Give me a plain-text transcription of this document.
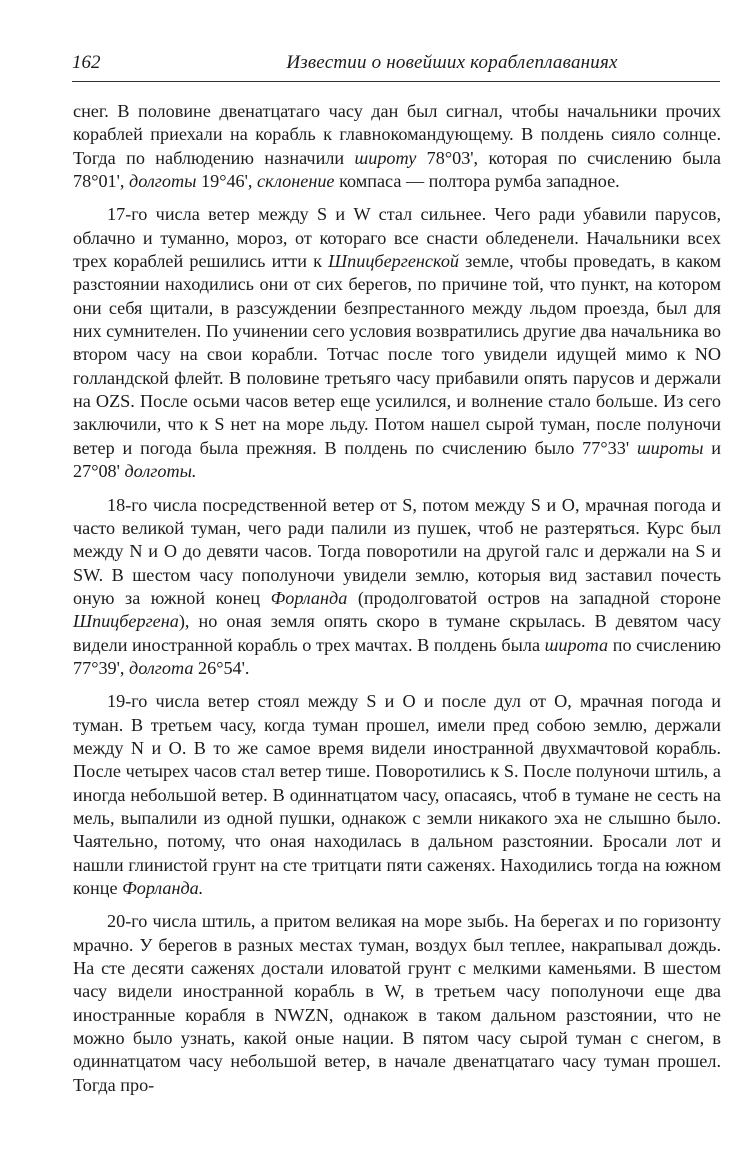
162	Известии о новейших кораблеплаваниях

снег. В половине двенатцатаго часу дан был сигнал, чтобы начальники прочих кораблей приехали на корабль к главнокомандующему. В полдень сияло солнце. Тогда по наблюдению назначили широту 78°03', которая по счислению была 78°01', долготы 19°46', склонение компаса — полтора румба западное.

17-го числа ветер между S и W стал сильнее. Чего ради убавили парусов, облачно и туманно, мороз, от котораго все снасти обледенели. Начальники всех трех кораблей решились итти к Шпицбергенской земле, чтобы проведать, в каком разстоянии находились они от сих берегов, по причине той, что пункт, на котором они себя щитали, в разсуждении безпрестанного между льдом проезда, был для них сумнителен. По учинении сего условия возвратились другие два начальника во втором часу на свои корабли. Тотчас после того увидели идущей мимо к NO голландской флейт. В половине третьяго часу прибавили опять парусов и держали на OZS. После осьми часов ветер еще усилился, и волнение стало больше. Из сего заключили, что к S нет на море льду. Потом нашел сырой туман, после полуночи ветер и погода была прежняя. В полдень по счислению было 77°33' широты и 27°08' долготы.

18-го числа посредственной ветер от S, потом между S и O, мрачная погода и часто великой туман, чего ради палили из пушек, чтоб не разтеряться. Курс был между N и O до девяти часов. Тогда поворотили на другой галс и держали на S и SW. В шестом часу пополуночи увидели землю, которыя вид заставил почесть оную за южной конец Форланда (продолговатой остров на западной стороне Шпицбергена), но оная земля опять скоро в тумане скрылась. В девятом часу видели иностранной корабль о трех мачтах. В полдень была широта по счислению 77°39', долгота 26°54'.

19-го числа ветер стоял между S и O и после дул от O, мрачная погода и туман. В третьем часу, когда туман прошел, имели пред собою землю, держали между N и O. В то же самое время видели иностранной двухмачтовой корабль. После четырех часов стал ветер тише. Поворотились к S. После полуночи штиль, а иногда небольшой ветер. В одиннатцатом часу, опасаясь, чтоб в тумане не сесть на мель, выпалили из одной пушки, однакож с земли никакого эха не слышно было. Чаятельно, потому, что оная находилась в дальном разстоянии. Бросали лот и нашли глинистой грунт на сте тритцати пяти саженях. Находились тогда на южном конце Форланда.

20-го числа штиль, а притом великая на море зыбь. На берегах и по горизонту мрачно. У берегов в разных местах туман, воздух был теплее, накрапывал дождь. На сте десяти саженях достали иловатой грунт с мелкими каменьями. В шестом часу видели иностранной корабль в W, в третьем часу пополуночи еще два иностранные корабля в NWZN, однакож в таком дальном разстоянии, что не можно было узнать, какой оные нации. В пятом часу сырой туман с снегом, в одиннатцатом часу небольшой ветер, в начале двенатцатаго часу туман прошел. Тогда про-
